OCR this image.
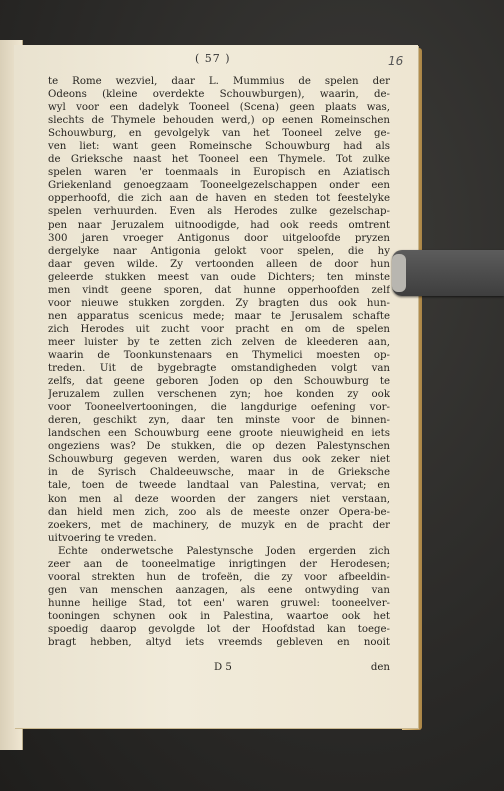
( 57 )	16
te Rome wezviel, daar L. Mummius de spelen der
Odeons (kleine overdekte Schouwburgen), waarin, de-
wyl voor een dadelyk Tooneel (Scena) geen plaats was,
slechts de Thymele behouden werd,) op eenen Romeinschen
Schouwburg, en gevolgelyk van het Tooneel zelve ge-
ven liet: want geen Romeinsche Schouwburg had als
de Grieksche naast het Tooneel een Thymele. Tot zulke
spelen waren 'er toenmaals in Europisch en Aziatisch
Griekenland genoegzaam Tooneelgezelschappen onder een
opperhoofd, die zich aan de haven en steden tot feestelyke
spelen verhuurden. Even als Herodes zulke gezelschap-
pen naar Jeruzalem uitnoodigde, had ook reeds omtrent
300 jaren vroeger Antigonus door uitgeloofde pryzen
dergelyke naar Antigonia gelokt voor spelen, die hy
daar geven wilde. Zy vertoonden alleen de door hun
geleerde stukken meest van oude Dichters; ten minste
men vindt geene sporen, dat hunne opperhoofden zelf
voor nieuwe stukken zorgden. Zy bragten dus ook hun-
nen apparatus scenicus mede; maar te Jerusalem schafte
zich Herodes uit zucht voor pracht en om de spelen
meer luister by te zetten zich zelven de kleederen aan,
waarin de Toonkunstenaars en Thymelici moesten op-
treden. Uit de bygebragte omstandigheden volgt van
zelfs, dat geene geboren Joden op den Schouwburg te
Jeruzalem zullen verschenen zyn; hoe konden zy ook
voor Tooneelvertooningen, die langdurige oefening vor-
deren, geschikt zyn, daar ten minste voor de binnen-
landschen een Schouwburg eene groote nieuwigheid en iets
ongeziens was? De stukken, die op dezen Palestynschen
Schouwburg gegeven werden, waren dus ook zeker niet
in de Syrisch Chaldeeuwsche, maar in de Grieksche
tale, toen de tweede landtaal van Palestina, vervat; en
kon men al deze woorden der zangers niet verstaan,
dan hield men zich, zoo als de meeste onzer Opera-be-
zoekers, met de machinery, de muzyk en de pracht der
uitvoering te vreden.
Echte onderwetsche Palestynsche Joden ergerden zich
zeer aan de tooneelmatige inrigtingen der Herodesen;
vooral strekten hun de trofeën, die zy voor afbeeldin-
gen van menschen aanzagen, als eene ontwyding van
hunne heilige Stad, tot een' waren gruwel: tooneelver-
tooningen schynen ook in Palestina, waartoe ook het
spoedig daarop gevolgde lot der Hoofdstad kan toege-
bragt hebben, altyd iets vreemds gebleven en nooit
D 5	den
